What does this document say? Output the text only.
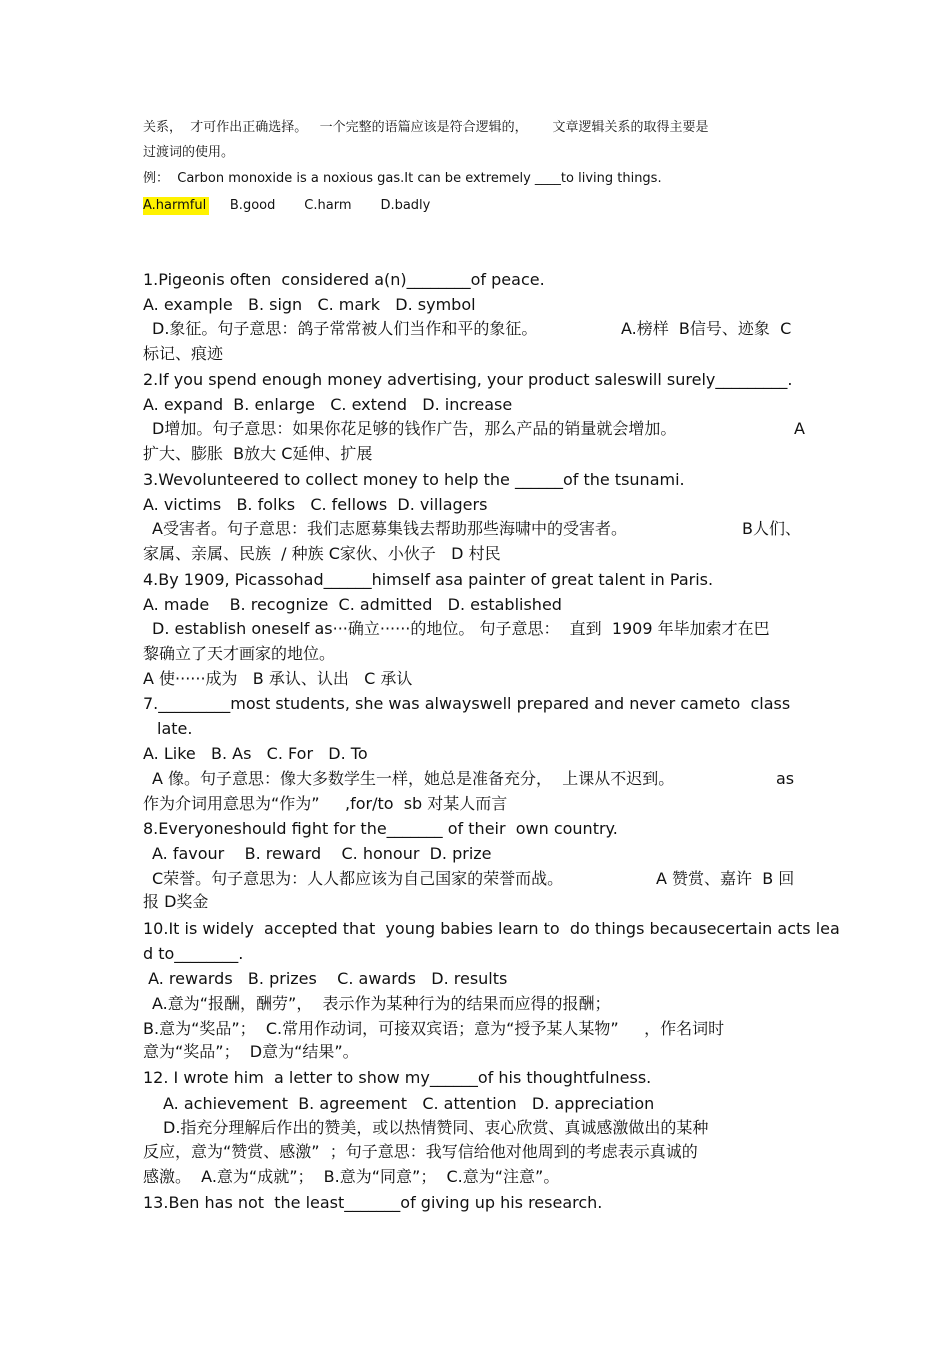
关系，  才可作出正确选择。   一个完整的语篇应该是符合逻辑的，      文章逻辑关系的取得主要是
过渡词的使用。
例：  Carbon monoxide is a noxious gas.It can be extremely ____to living things.
A.harmful B.good C.harm D.badly
1.Pigeonis often  considered a(n)________of peace.
A. example   B. sign   C. mark   D. symbol
D.象征。句子意思：鸽子常常被人们当作和平的象征。	A.榜样  B信号、迹象  C
标记、痕迹
2.If you spend enough money advertising, your product saleswill surely_________.
A. expand  B. enlarge   C. extend   D. increase
D增加。句子意思：如果你花足够的钱作广告，那么产品的销量就会增加。	A
扩大、膨胀  B放大 C延伸、扩展
3.Wevolunteered to collect money to help the ______of the tsunami.
A. victims   B. folks   C. fellows  D. villagers
A受害者。句子意思：我们志愿募集钱去帮助那些海啸中的受害者。	B人们、
家属、亲属、民族  / 种族 C家伙、小伙子   D 村民
4.By 1909, Picassohad______himself asa painter of great talent in Paris.
A. made    B. recognize  C. admitted   D. established
D. establish oneself as···确立······的地位。 句子意思：  直到  1909 年毕加索才在巴
黎确立了天才画家的地位。
A 使······成为   B 承认、认出   C 承认
7._________most students, she was alwayswell prepared and never cameto  class
late.
A. Like   B. As   C. For   D. To
A 像。句子意思：像大多数学生一样，她总是准备充分，  上课从不迟到。	as
作为介词用意思为“作为”     ,for/to  sb 对某人而言
8.Everyoneshould fight for the_______ of their  own country.
A. favour    B. reward    C. honour  D. prize
C荣誉。句子意思为：人人都应该为自己国家的荣誉而战。	A 赞赏、嘉许  B 回
报 D奖金
10.It is widely  accepted that  young babies learn to  do things becausecertain acts lea
d to________.
A. rewards   B. prizes    C. awards   D. results
A.意为“报酬，酬劳”，  表示作为某种行为的结果而应得的报酬；
B.意为“奖品”；  C.常用作动词，可接双宾语；意为“授予某人某物”     ，作名词时
意为“奖品”；  D意为“结果”。
12. I wrote him  a letter to show my______of his thoughtfulness.
A. achievement  B. agreement   C. attention   D. appreciation
D.指充分理解后作出的赞美，或以热情赞同、衷心欣赏、真诚感激做出的某种
反应，意为“赞赏、感激”  ；句子意思：我写信给他对他周到的考虑表示真诚的
感激。  A.意为“成就”；  B.意为“同意”；  C.意为“注意”。
13.Ben has not  the least_______of giving up his research.
